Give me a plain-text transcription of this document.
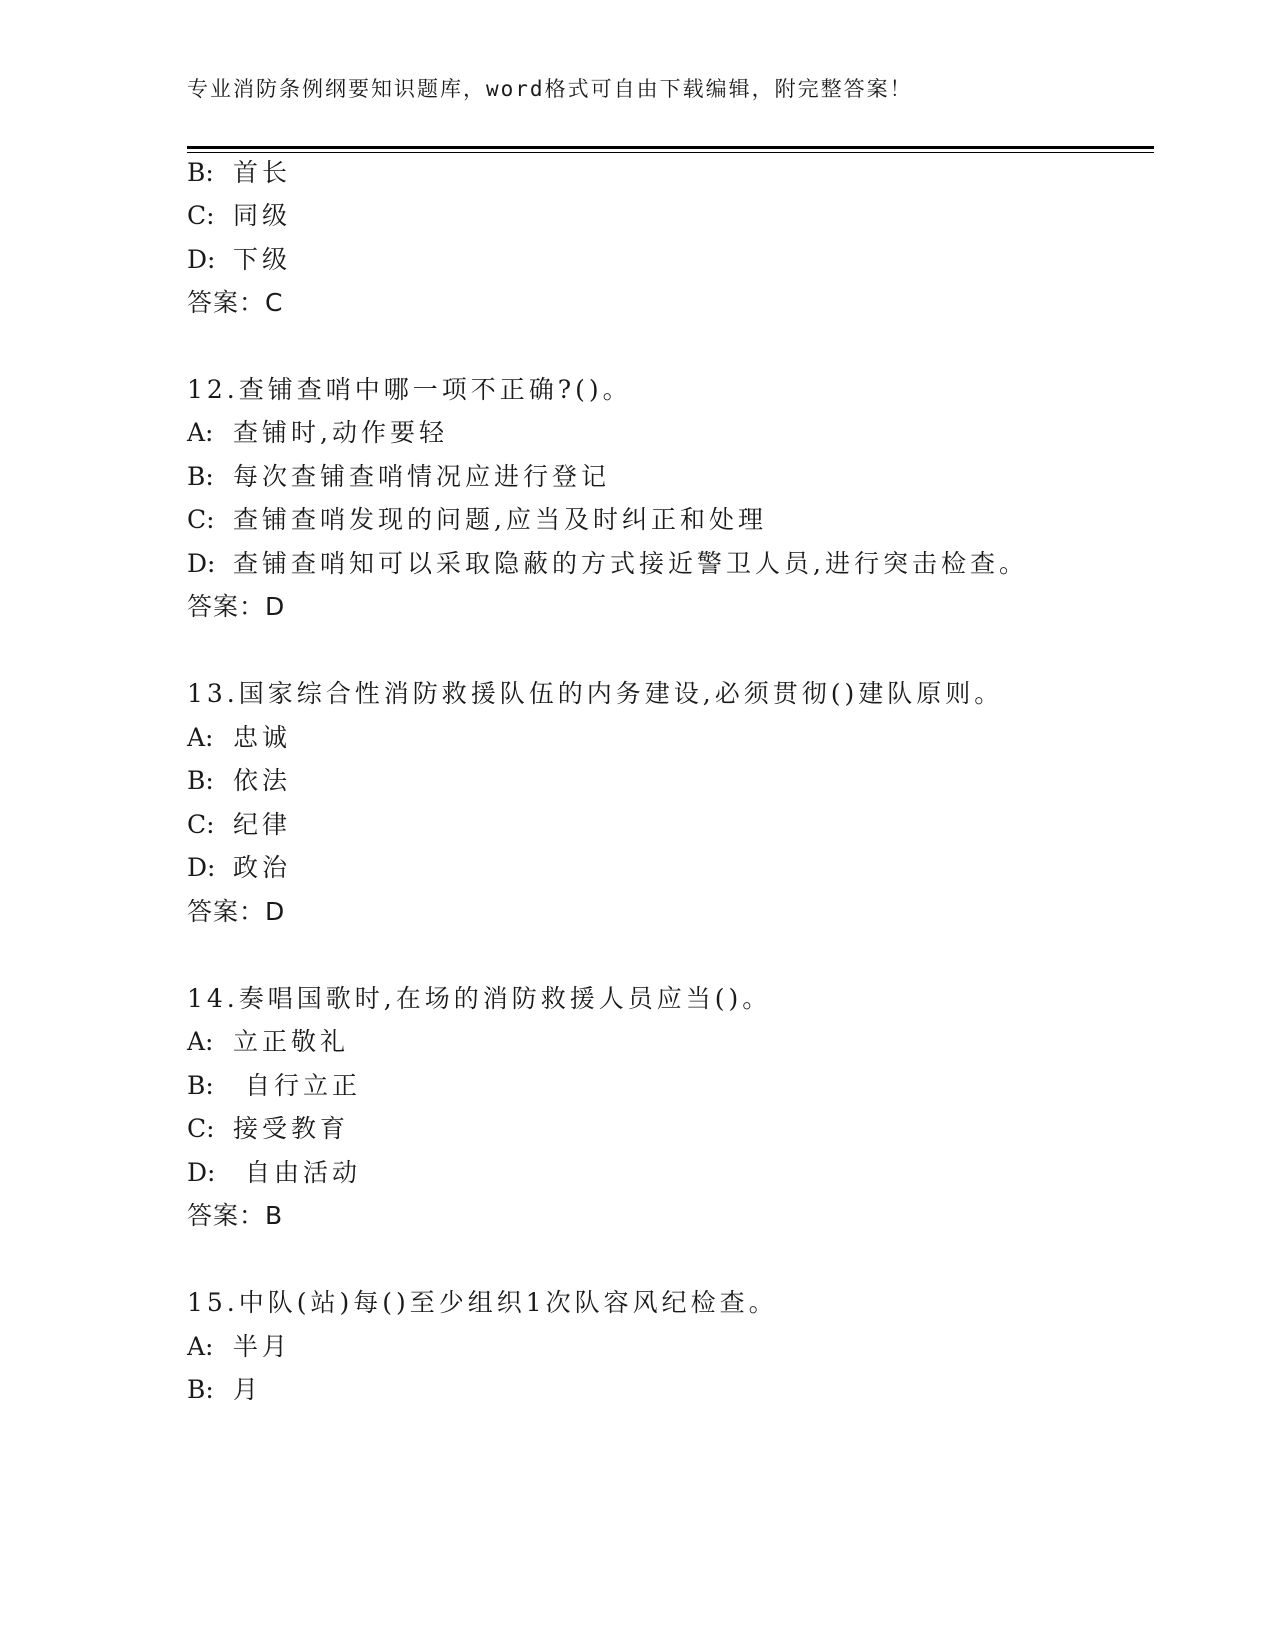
专业消防条例纲要知识题库，word格式可自由下载编辑，附完整答案！
B: 首长
C: 同级
D: 下级
答案：C
12.查铺查哨中哪一项不正确?()。
A: 查铺时,动作要轻
B: 每次查铺查哨情况应进行登记
C: 查铺查哨发现的问题,应当及时纠正和处理
D: 查铺查哨知可以采取隐蔽的方式接近警卫人员,进行突击检查。
答案：D
13.国家综合性消防救援队伍的内务建设,必须贯彻()建队原则。
A: 忠诚
B: 依法
C: 纪律
D: 政治
答案：D
14.奏唱国歌时,在场的消防救援人员应当()。
A: 立正敬礼
B: 自行立正
C: 接受教育
D: 自由活动
答案：B
15.中队(站)每()至少组织1次队容风纪检查。
A: 半月
B: 月
